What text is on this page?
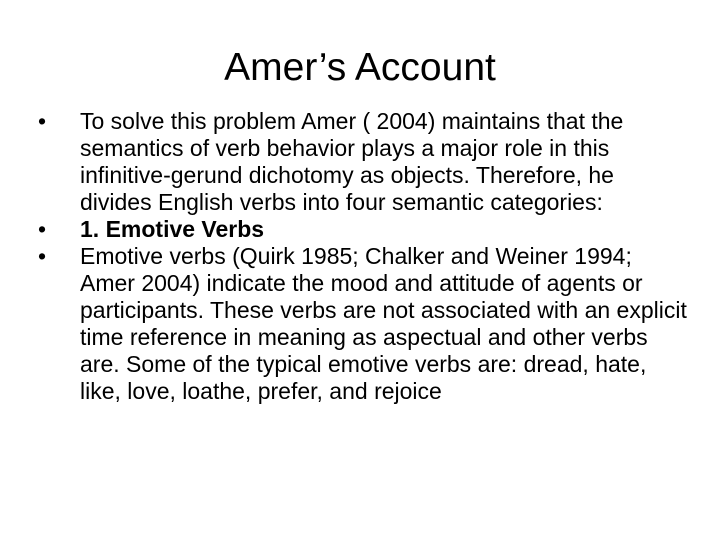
Amer’s Account
•	To solve this problem Amer ( 2004) maintains that the semantics of verb behavior plays a major role in this infinitive-gerund dichotomy as objects. Therefore, he divides English verbs into four semantic categories:
•	1. Emotive Verbs
•	Emotive verbs (Quirk 1985; Chalker and Weiner 1994; Amer 2004) indicate the mood and attitude of agents or participants. These verbs are not associated with an explicit time reference in meaning as aspectual and other verbs are. Some of the typical emotive verbs are: dread, hate, like, love, loathe, prefer, and rejoice
